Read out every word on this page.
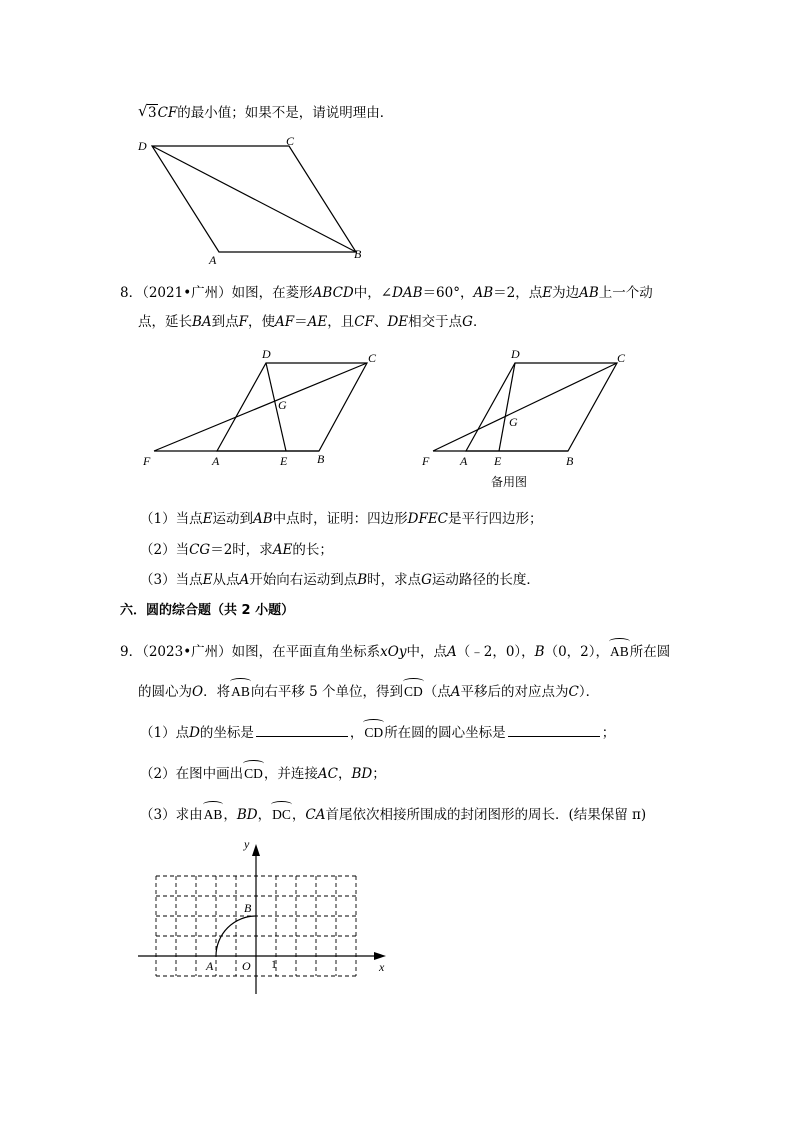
√ 3CF的最小值；如果不是，请说明理由．
D	C
A	B
8．（2021•广州）如图，在菱形ABCD中，∠DAB＝60°，AB＝2，点E为边AB上一个动
点，延长BA到点F，使AF＝AE，且CF、DE相交于点G．
D	C
G
F	A	E B
D	C
G
F	A E	B
备用图
（1）当点E运动到AB中点时，证明：四边形DFEC是平行四边形；
（2）当CG＝2时，求AE的长；
（3）当点E从点A开始向右运动到点B时，求点G运动路径的长度．
六．圆的综合题（共 2 小题）
9．（2023•广州）如图，在平面直角坐标系xOy中，点A（﹣2，0），B（0，2），AB所在圆
的圆心为O．将AB向右平移 5 个单位，得到CD（点A平移后的对应点为C）．
（1）点D的坐标是	，CD所在圆的圆心坐标是	；
（2）在图中画出CD，并连接AC，BD；
（3）求由AB，BD，DC，CA首尾依次相接所围成的封闭图形的周长．(结果保留 π)
y
x
B
A O 1
